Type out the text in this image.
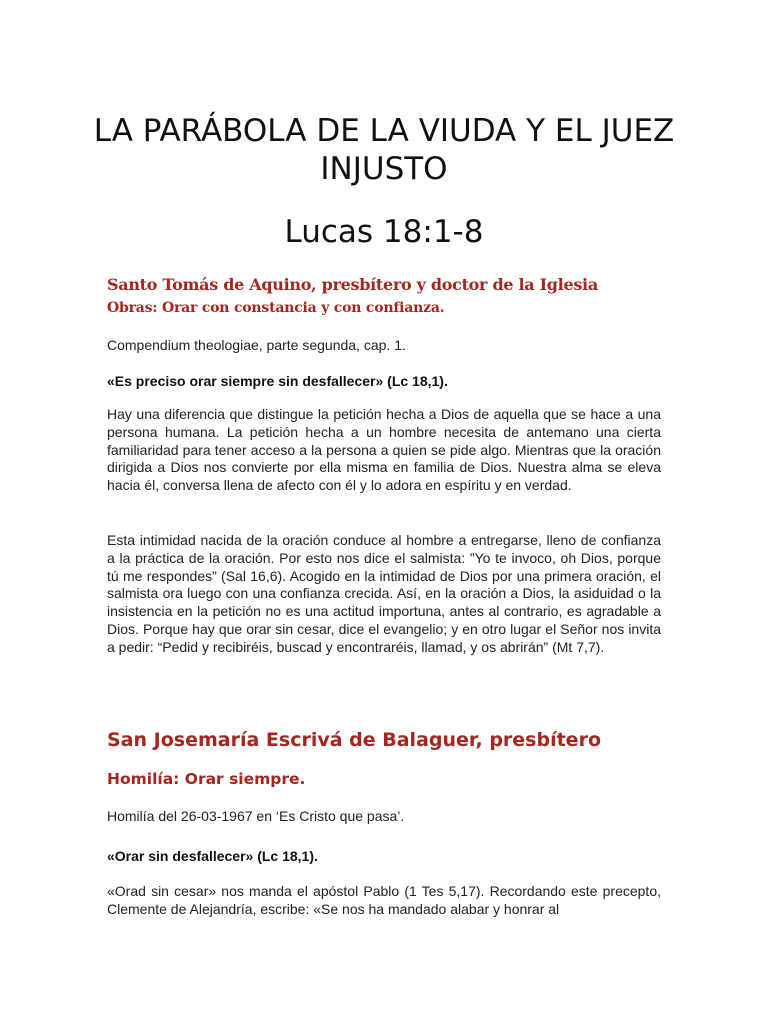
LA PARÁBOLA DE LA VIUDA Y EL JUEZ INJUSTO
Lucas 18:1-8
Santo Tomás de Aquino, presbítero y doctor de la Iglesia
Obras: Orar con constancia y con confianza.

Compendium theologiae, parte segunda, cap. 1.

«Es preciso orar siempre sin desfallecer» (Lc 18,1).

Hay una diferencia que distingue la petición hecha a Dios de aquella que se hace a una persona humana. La petición hecha a un hombre necesita de antemano una cierta familiaridad para tener acceso a la persona a quien se pide algo. Mientras que la oración dirigida a Dios nos convierte por ella misma en familia de Dios. Nuestra alma se eleva hacia él, conversa llena de afecto con él y lo adora en espíritu y en verdad.

Esta intimidad nacida de la oración conduce al hombre a entregarse, lleno de confianza a la práctica de la oración. Por esto nos dice el salmista: ”Yo te invoco, oh Dios, porque tú me respondes” (Sal 16,6). Acogido en la intimidad de Dios por una primera oración, el salmista ora luego con una confianza crecida. Así, en la oración a Dios, la asiduidad o la insistencia en la petición no es una actitud importuna, antes al contrario, es agradable a Dios. Porque hay que orar sin cesar, dice el evangelio; y en otro lugar el Señor nos invita a pedir: “Pedid y recibiréis, buscad y encontraréis, llamad, y os abrirán” (Mt 7,7).

San Josemaría Escrivá de Balaguer, presbítero
Homilía: Orar siempre.

Homilía del 26-03-1967 en ‘Es Cristo que pasa’.

«Orar sin desfallecer» (Lc 18,1).

«Orad sin cesar» nos manda el apóstol Pablo (1 Tes 5,17). Recordando este precepto, Clemente de Alejandría, escribe: «Se nos ha mandado alabar y honrar al
